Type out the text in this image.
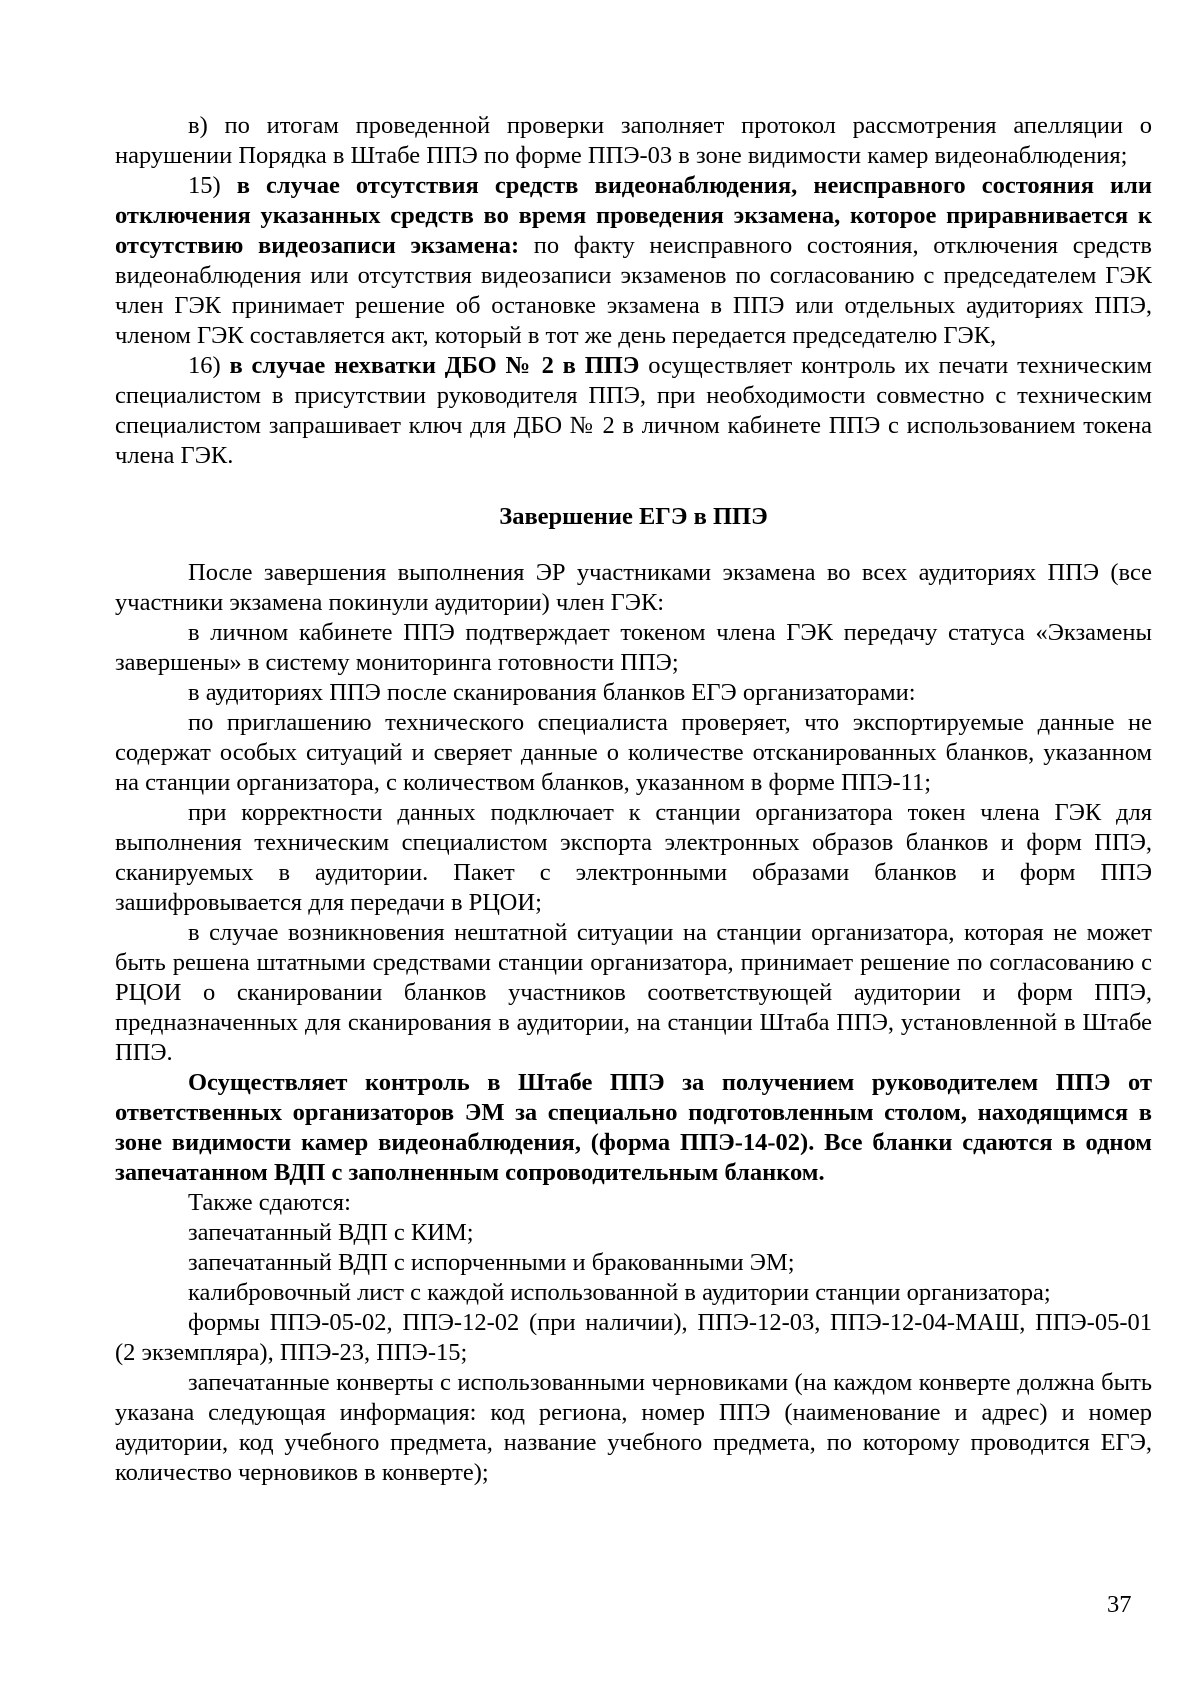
в) по итогам проведенной проверки заполняет протокол рассмотрения апелляции о нарушении Порядка в Штабе ППЭ по форме ППЭ-03 в зоне видимости камер видеонаблюдения;

15) в случае отсутствия средств видеонаблюдения, неисправного состояния или отключения указанных средств во время проведения экзамена, которое приравнивается к отсутствию видеозаписи экзамена: по факту неисправного состояния, отключения средств видеонаблюдения или отсутствия видеозаписи экзаменов по согласованию с председателем ГЭК член ГЭК принимает решение об остановке экзамена в ППЭ или отдельных аудиториях ППЭ, членом ГЭК составляется акт, который в тот же день передается председателю ГЭК,

16) в случае нехватки ДБО № 2 в ППЭ осуществляет контроль их печати техническим специалистом в присутствии руководителя ППЭ, при необходимости совместно с техническим специалистом запрашивает ключ для ДБО № 2 в личном кабинете ППЭ с использованием токена члена ГЭК.

Завершение ЕГЭ в ППЭ

После завершения выполнения ЭР участниками экзамена во всех аудиториях ППЭ (все участники экзамена покинули аудитории) член ГЭК:

в личном кабинете ППЭ подтверждает токеном члена ГЭК передачу статуса «Экзамены завершены» в систему мониторинга готовности ППЭ;

в аудиториях ППЭ после сканирования бланков ЕГЭ организаторами:

по приглашению технического специалиста проверяет, что экспортируемые данные не содержат особых ситуаций и сверяет данные о количестве отсканированных бланков, указанном на станции организатора, с количеством бланков, указанном в форме ППЭ-11;

при корректности данных подключает к станции организатора токен члена ГЭК для выполнения техническим специалистом экспорта электронных образов бланков и форм ППЭ, сканируемых в аудитории. Пакет с электронными образами бланков и форм ППЭ зашифровывается для передачи в РЦОИ;

в случае возникновения нештатной ситуации на станции организатора, которая не может быть решена штатными средствами станции организатора, принимает решение по согласованию с РЦОИ о сканировании бланков участников соответствующей аудитории и форм ППЭ, предназначенных для сканирования в аудитории, на станции Штаба ППЭ, установленной в Штабе ППЭ.

Осуществляет контроль в Штабе ППЭ за получением руководителем ППЭ от ответственных организаторов ЭМ за специально подготовленным столом, находящимся в зоне видимости камер видеонаблюдения, (форма ППЭ-14-02). Все бланки сдаются в одном запечатанном ВДП с заполненным сопроводительным бланком.

Также сдаются:

запечатанный ВДП с КИМ;

запечатанный ВДП с испорченными и бракованными ЭМ;

калибровочный лист с каждой использованной в аудитории станции организатора;

формы ППЭ-05-02, ППЭ-12-02 (при наличии), ППЭ-12-03, ППЭ-12-04-МАШ, ППЭ-05-01 (2 экземпляра), ППЭ-23, ППЭ-15;

запечатанные конверты с использованными черновиками (на каждом конверте должна быть указана следующая информация: код региона, номер ППЭ (наименование и адрес) и номер аудитории, код учебного предмета, название учебного предмета, по которому проводится ЕГЭ, количество черновиков в конверте);

37
